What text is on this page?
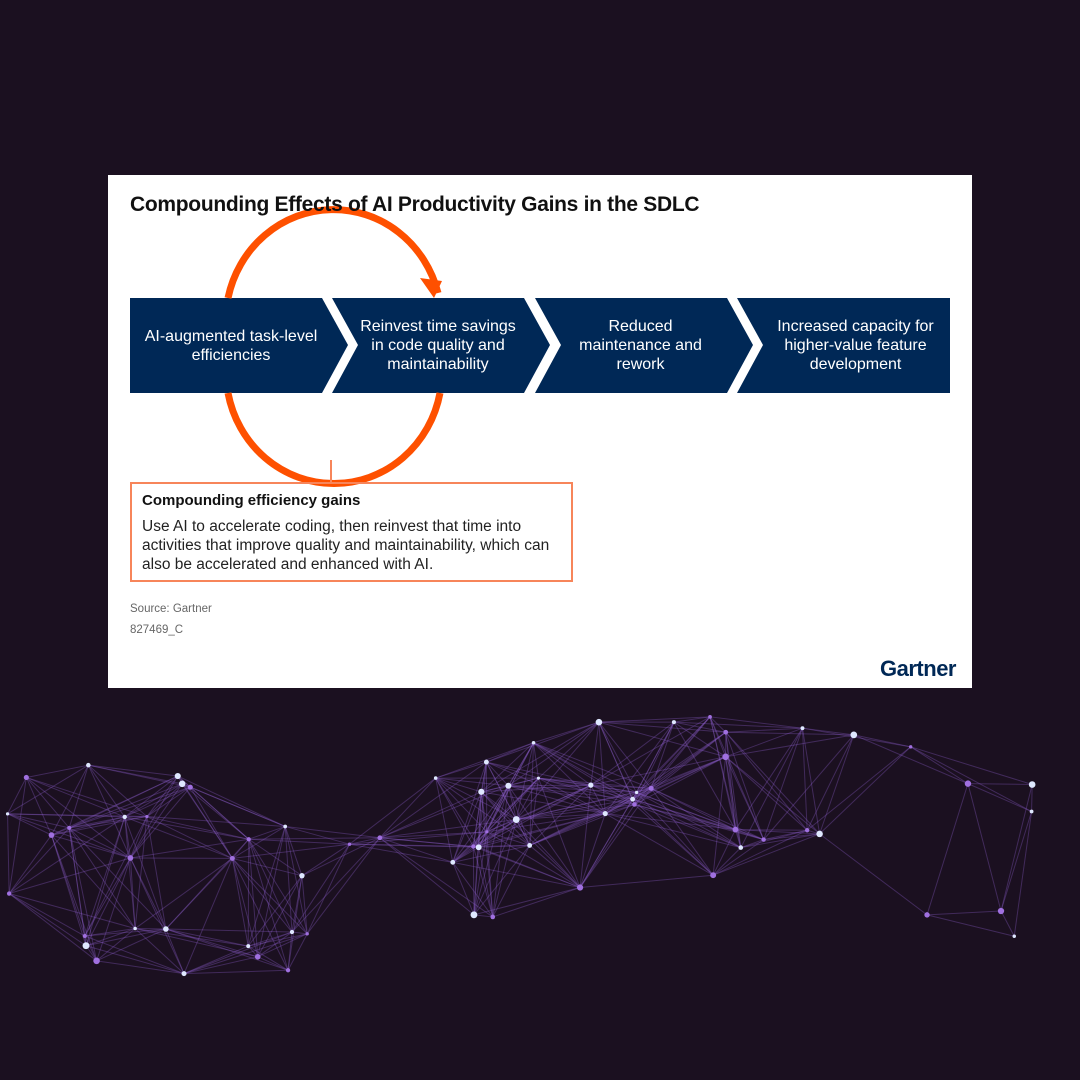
Compounding Effects of AI Productivity Gains in the SDLC
AI-augmented task-level efficiencies
Reinvest time savings in code quality and maintainability
Reduced maintenance and rework
Increased capacity for higher-value feature development
Compounding efficiency gains

Use AI to accelerate coding, then reinvest that time into activities that improve quality and maintainability, which can also be accelerated and enhanced with AI.

Source: Gartner
827469_C
Gartner
